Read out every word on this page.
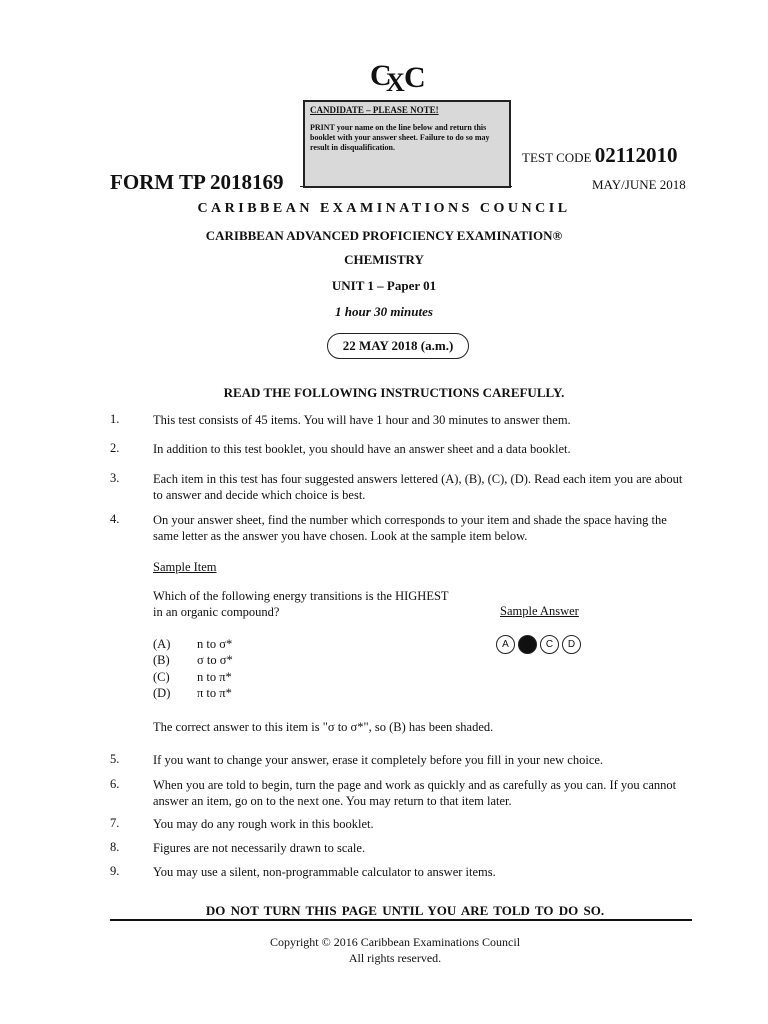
C
X C
CANDIDATE – PLEASE NOTE!
PRINT your name on the line below and return this booklet with your answer sheet. Failure to do so may result in disqualification.
FORM TP 2018169
TEST CODE 02112010
MAY/JUNE 2018
CARIBBEAN EXAMINATIONS COUNCIL
CARIBBEAN ADVANCED PROFICIENCY EXAMINATION®
CHEMISTRY
UNIT 1 – Paper 01
1 hour 30 minutes
22 MAY 2018 (a.m.)
READ THE FOLLOWING INSTRUCTIONS CAREFULLY.
1.	This test consists of 45 items. You will have 1 hour and 30 minutes to answer them.
2.	In addition to this test booklet, you should have an answer sheet and a data booklet.
3.	Each item in this test has four suggested answers lettered (A), (B), (C), (D). Read each item you are about to answer and decide which choice is best.
4.	On your answer sheet, find the number which corresponds to your item and shade the space having the same letter as the answer you have chosen. Look at the sample item below.
Sample Item
Which of the following energy transitions is the HIGHEST in an organic compound?	Sample Answer
A B C D
(A) n to σ*
(B) σ to σ*
(C) n to π*
(D) π to π*
The correct answer to this item is "σ to σ*", so (B) has been shaded.
5.	If you want to change your answer, erase it completely before you fill in your new choice.
6.	When you are told to begin, turn the page and work as quickly and as carefully as you can. If you cannot answer an item, go on to the next one. You may return to that item later.
7.	You may do any rough work in this booklet.
8.	Figures are not necessarily drawn to scale.
9.	You may use a silent, non-programmable calculator to answer items.
DO NOT TURN THIS PAGE UNTIL YOU ARE TOLD TO DO SO.
Copyright © 2016 Caribbean Examinations Council
All rights reserved.
